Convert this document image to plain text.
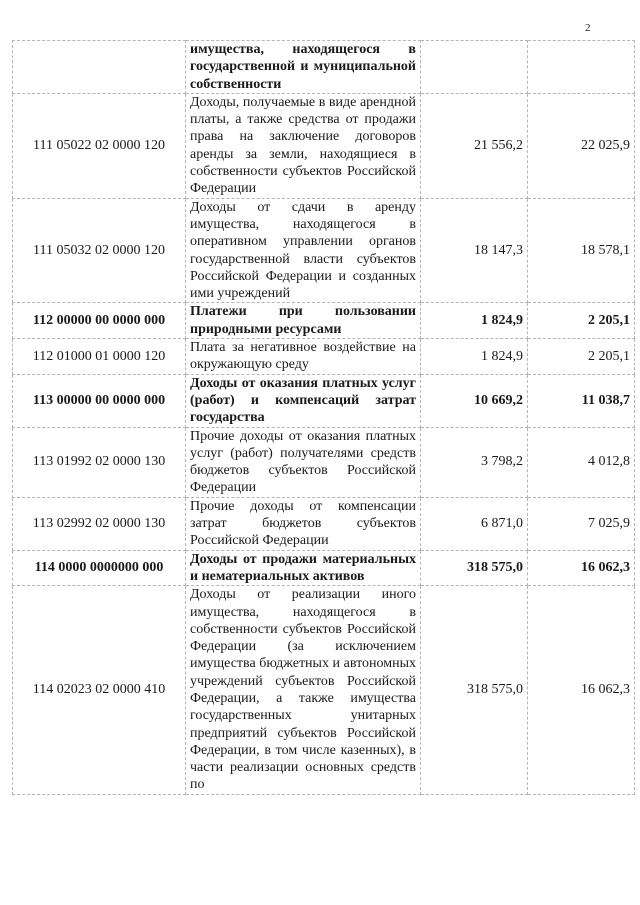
2
	имущества, находящегося в государственной и муниципальной собственности		
111 05022 02 0000 120	Доходы, получаемые в виде арендной платы, а также средства от продажи права на заключение договоров аренды за земли, находящиеся в собственности субъектов Российской Федерации	21 556,2	22 025,9
111 05032 02 0000 120	Доходы от сдачи в аренду имущества, находящегося в оперативном управлении органов государственной власти субъектов Российской Федерации и созданных ими учреждений	18 147,3	18 578,1
112 00000 00 0000 000	Платежи при пользовании природными ресурсами	1 824,9	2 205,1
112 01000 01 0000 120	Плата за негативное воздействие на окружающую среду	1 824,9	2 205,1
113 00000 00 0000 000	Доходы от оказания платных услуг (работ) и компенсаций затрат государства	10 669,2	11 038,7
113 01992 02 0000 130	Прочие доходы от оказания платных услуг (работ) получателями средств бюджетов субъектов Российской Федерации	3 798,2	4 012,8
113 02992 02 0000 130	Прочие доходы от компенсации затрат бюджетов субъектов Российской Федерации	6 871,0	7 025,9
114 0000 0000000 000	Доходы от продажи материальных и нематериальных активов	318 575,0	16 062,3
114 02023 02 0000 410	Доходы от реализации иного имущества, находящегося в собственности субъектов Российской Федерации (за исключением имущества бюджетных и автономных учреждений субъектов Российской Федерации, а также имущества государственных унитарных предприятий субъектов Российской Федерации, в том числе казенных), в части реализации основных средств по	318 575,0	16 062,3
